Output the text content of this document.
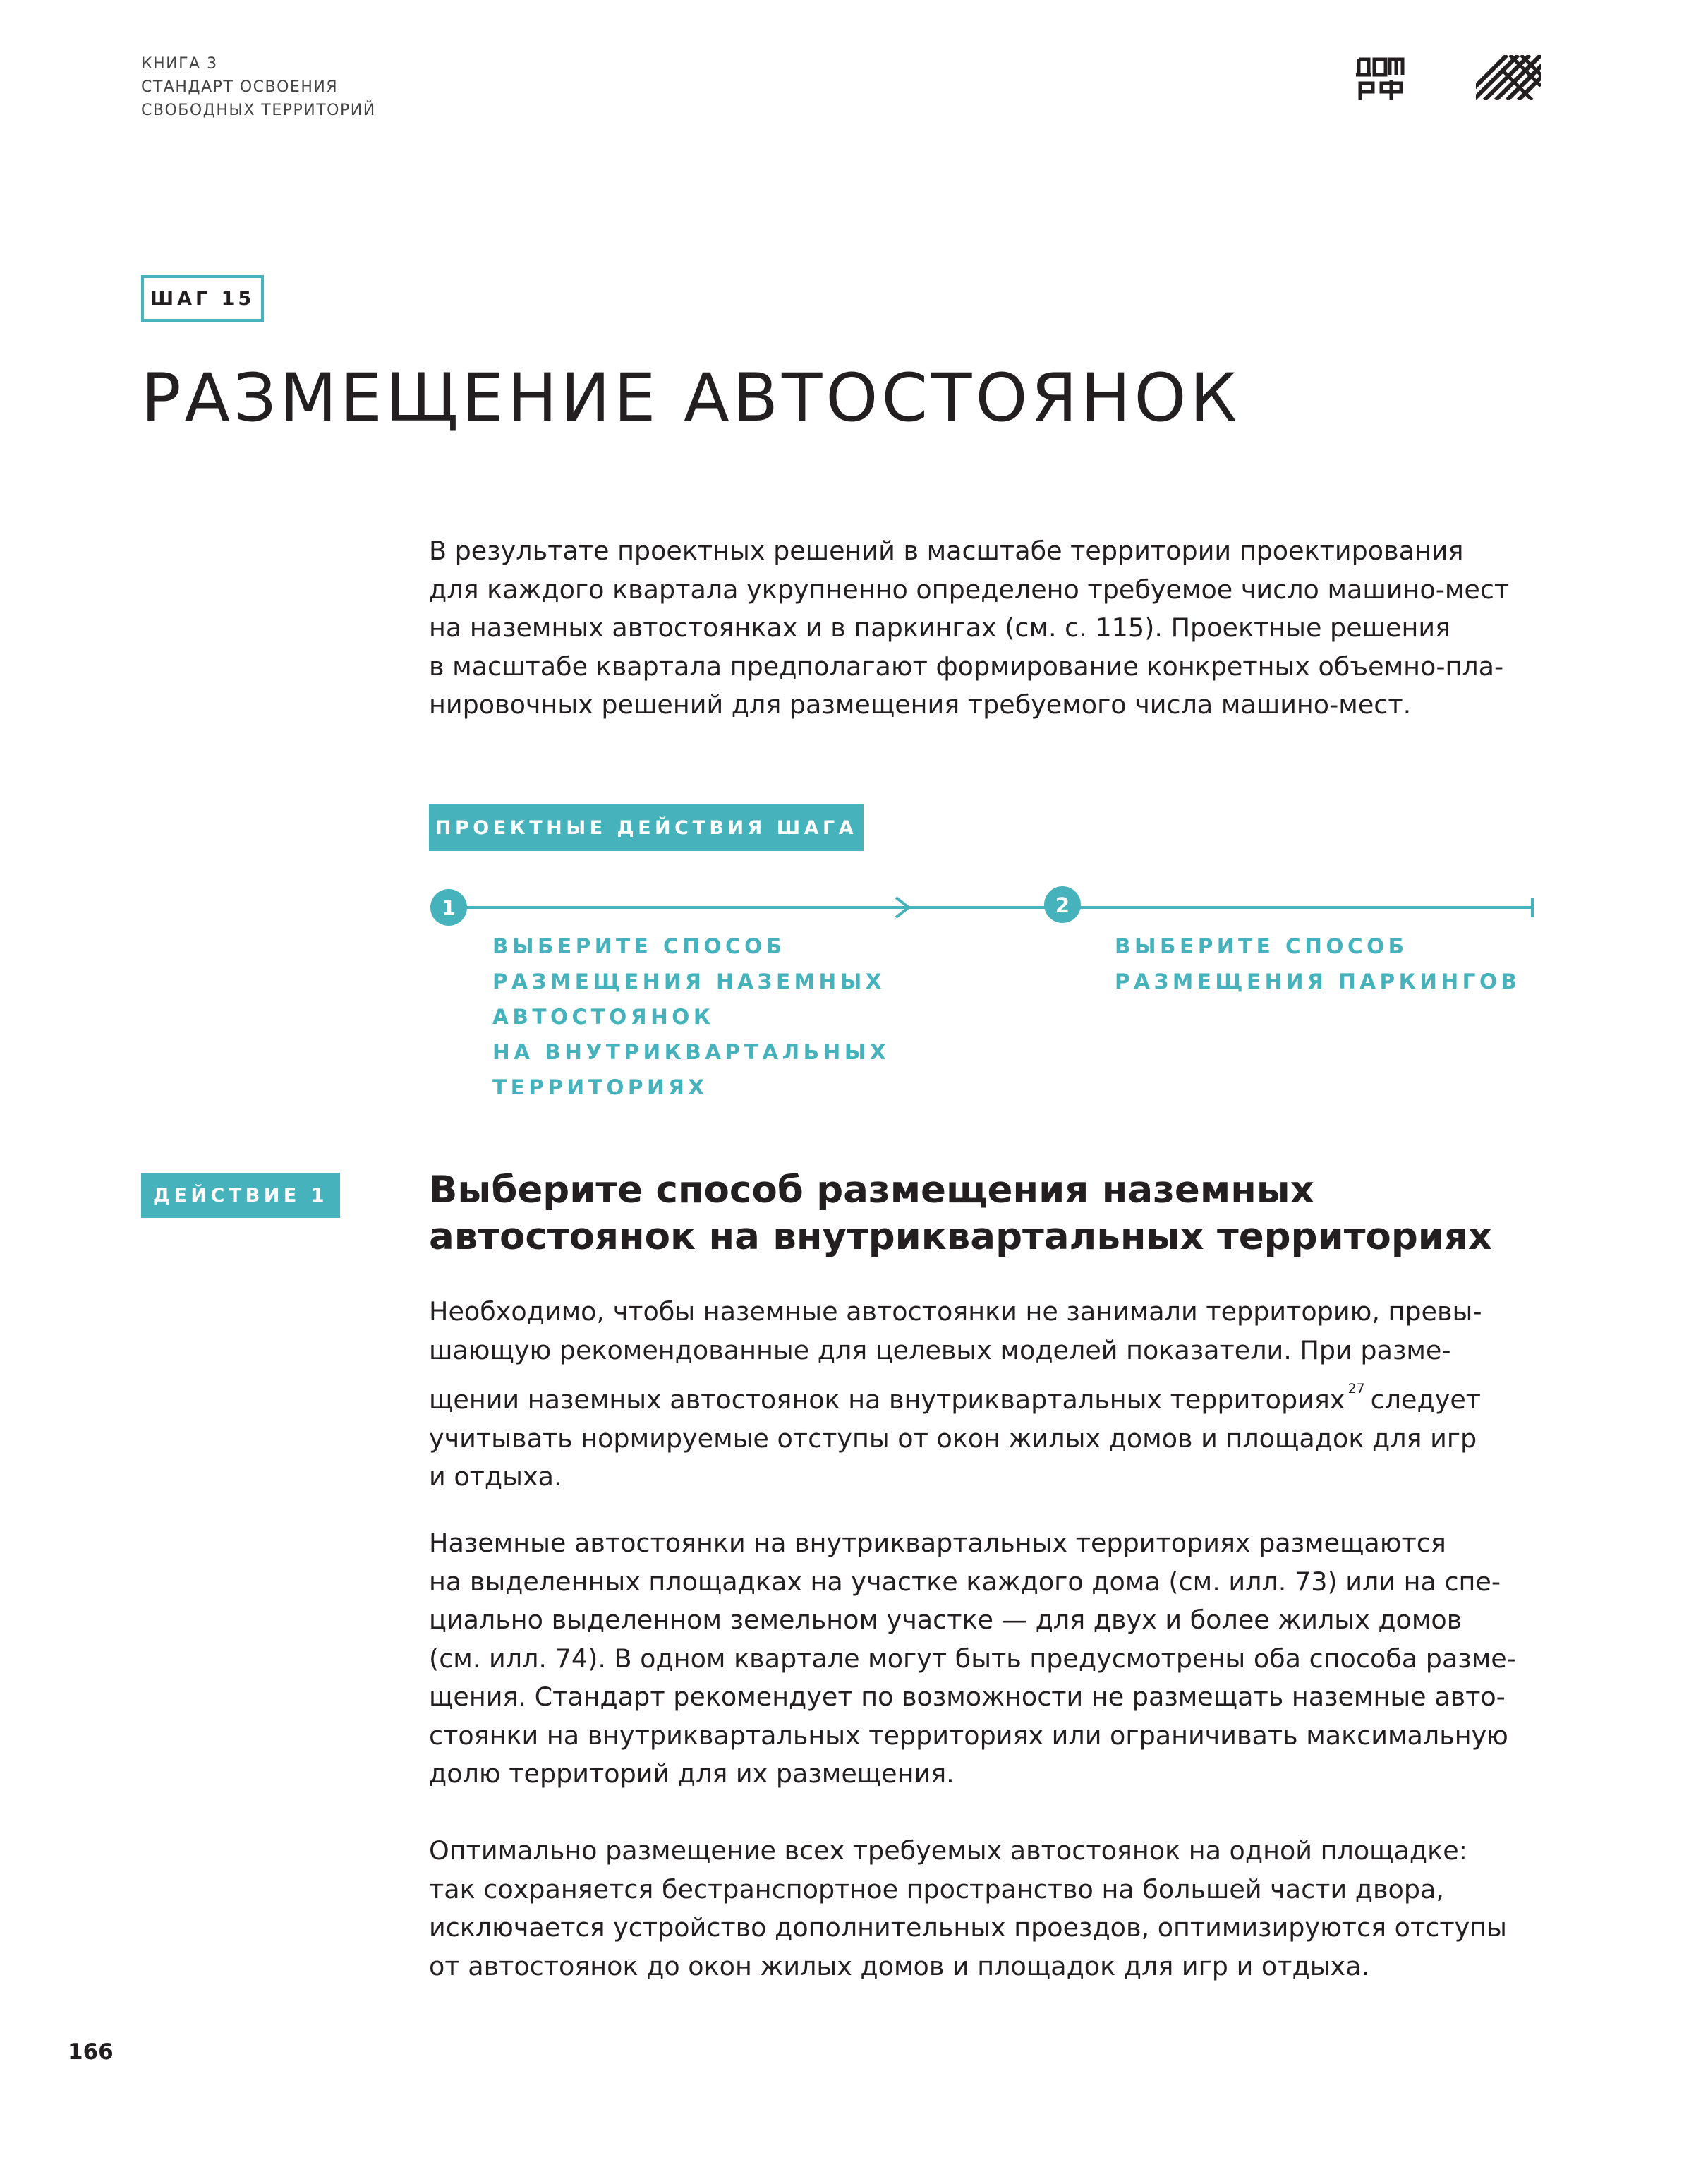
КНИГА 3
СТАНДАРТ ОСВОЕНИЯ
СВОБОДНЫХ ТЕРРИТОРИЙ
ШАГ 15
РАЗМЕЩЕНИЕ АВТОСТОЯНОК
В результате проектных решений в масштабе территории проектирования
для каждого квартала укрупненно определено требуемое число машино-мест
на наземных автостоянках и в паркингах (см. с. 115). Проектные решения
в масштабе квартала предполагают формирование конкретных объемно-пла-
нировочных решений для размещения требуемого числа машино-мест.
ПРОЕКТНЫЕ ДЕЙСТВИЯ ШАГА
1	2
ВЫБЕРИТЕ СПОСОБ
РАЗМЕЩЕНИЯ НАЗЕМНЫХ
АВТОСТОЯНОК
НА ВНУТРИКВАРТАЛЬНЫХ
ТЕРРИТОРИЯХ
ВЫБЕРИТЕ СПОСОБ
РАЗМЕЩЕНИЯ ПАРКИНГОВ
ДЕЙСТВИЕ 1	Выберите способ размещения наземных
автостоянок на внутриквартальных территориях
Необходимо, чтобы наземные автостоянки не занимали территорию, превы-
шающую рекомендованные для целевых моделей показатели. При разме-
щении наземных автостоянок на внутриквартальных территориях $^{27}$ следует
учитывать нормируемые отступы от окон жилых домов и площадок для игр
и отдыха.
Наземные автостоянки на внутриквартальных территориях размещаются
на выделенных площадках на участке каждого дома (см. илл. 73) или на спе-
циально выделенном земельном участке — для двух и более жилых домов
(см. илл. 74). В одном квартале могут быть предусмотрены оба способа разме-
щения. Стандарт рекомендует по возможности не размещать наземные авто-
стоянки на внутриквартальных территориях или ограничивать максимальную
долю территорий для их размещения.
Оптимально размещение всех требуемых автостоянок на одной площадке:
так сохраняется бестранспортное пространство на большей части двора,
исключается устройство дополнительных проездов, оптимизируются отступы
от автостоянок до окон жилых домов и площадок для игр и отдыха.
166
